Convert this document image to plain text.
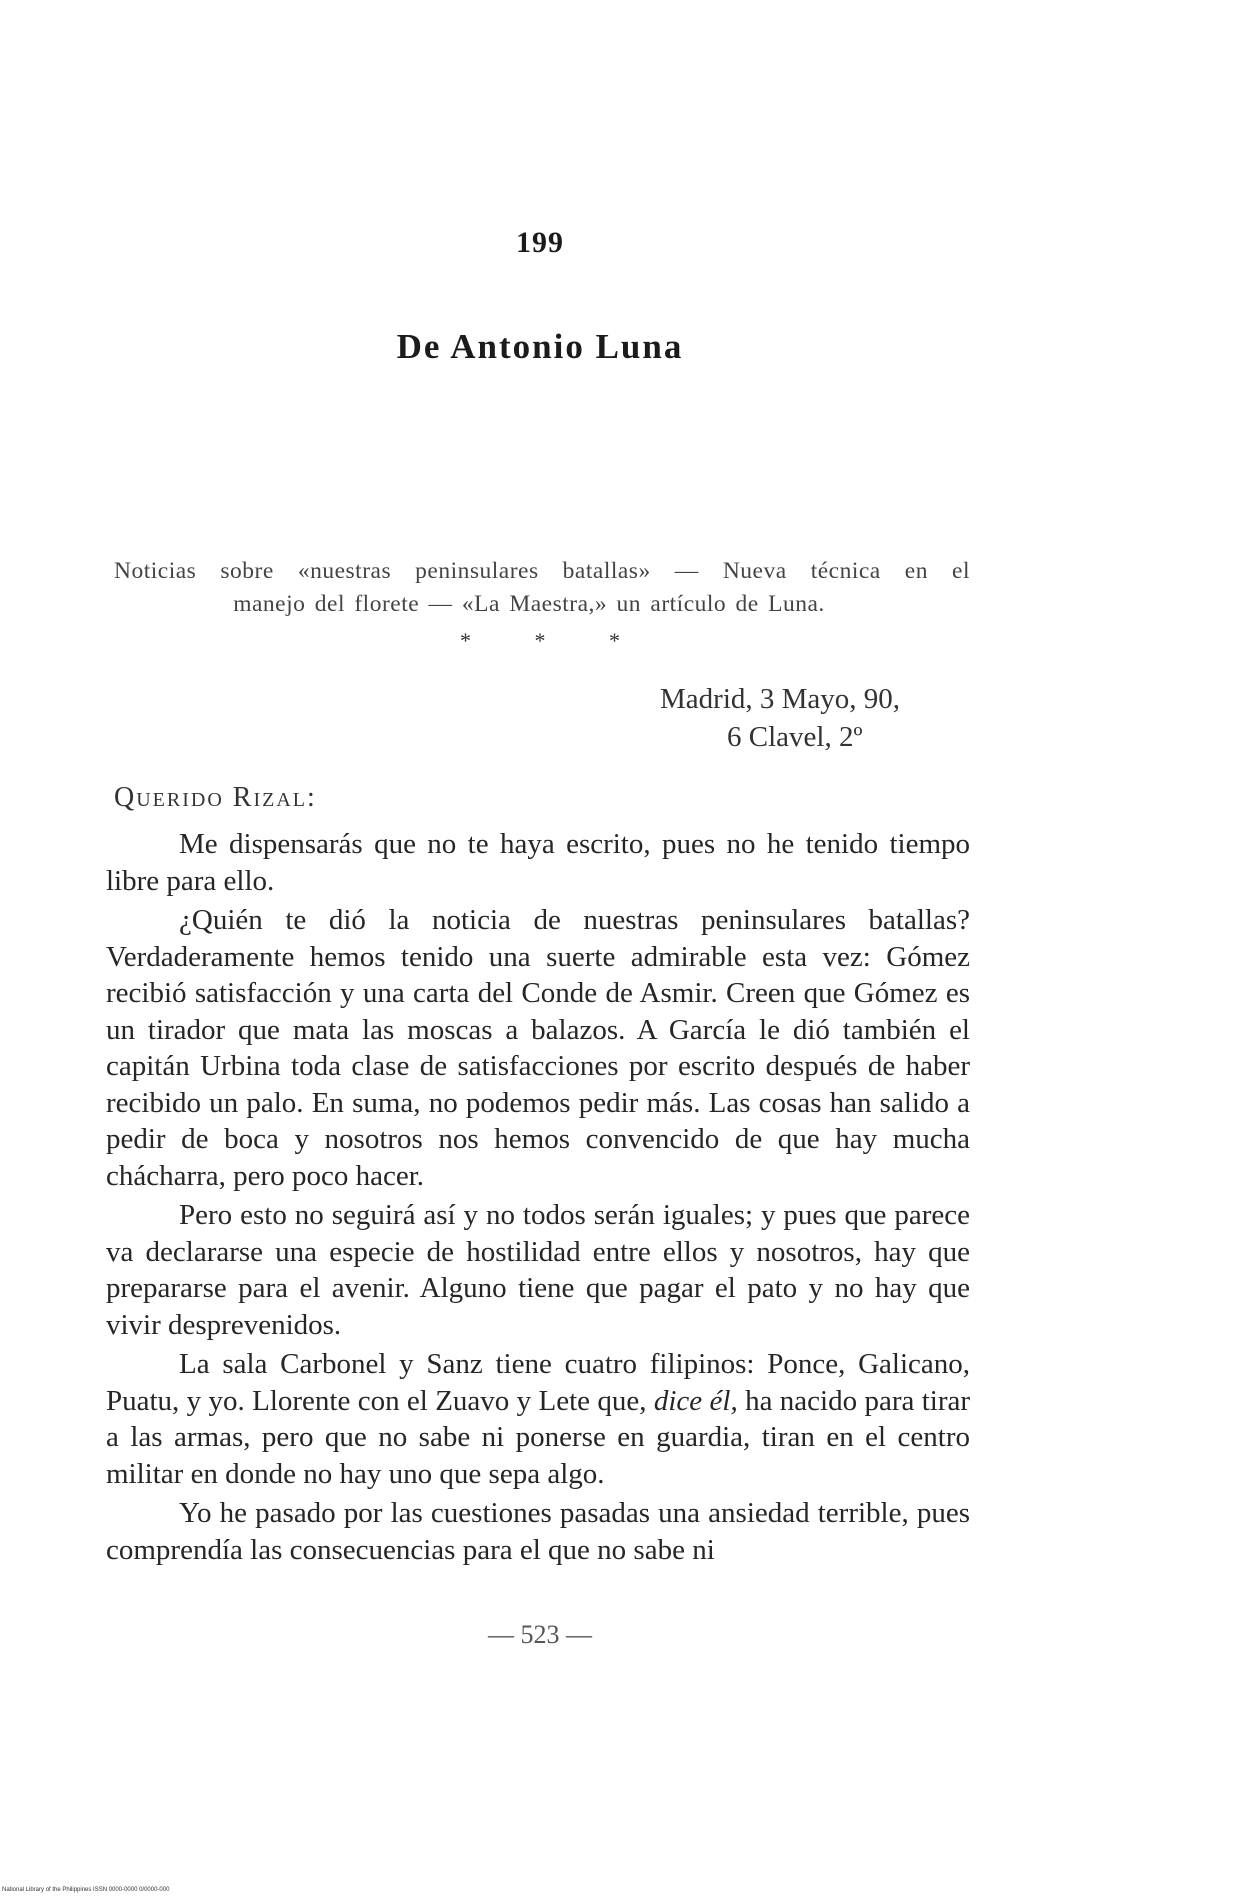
199
De Antonio Luna

Noticias sobre «nuestras peninsulares batallas» — Nueva técnica en el

manejo del florete — «La Maestra,» un artículo de Luna.

*	*	*
Madrid, 3 Mayo, 90,
6 Clavel, 2º
Querido Rizal:

Me dispensarás que no te haya escrito, pues no he tenido tiempo libre para ello.

¿Quién te dió la noticia de nuestras peninsulares batallas? Verdaderamente hemos tenido una suerte admirable esta vez: Gómez recibió satisfacción y una carta del Conde de Asmir. Creen que Gómez es un tirador que mata las moscas a balazos. A García le dió también el capitán Urbina toda clase de satisfacciones por escrito después de haber recibido un palo. En suma, no podemos pedir más. Las cosas han salido a pedir de boca y nosotros nos hemos convencido de que hay mucha chácharra, pero poco hacer.

Pero esto no seguirá así y no todos serán iguales; y pues que parece va declararse una especie de hostilidad entre ellos y nosotros, hay que prepararse para el avenir. Alguno tiene que pagar el pato y no hay que vivir desprevenidos.

La sala Carbonel y Sanz tiene cuatro filipinos: Ponce, Galicano, Puatu, y yo. Llorente con el Zuavo y Lete que, dice él, ha nacido para tirar a las armas, pero que no sabe ni ponerse en guardia, tiran en el centro militar en donde no hay uno que sepa algo.

Yo he pasado por las cuestiones pasadas una ansiedad terrible, pues comprendía las consecuencias para el que no sabe ni

— 523 —
National Library of the Philippines ISSN 0000-0000 0/0000-000
